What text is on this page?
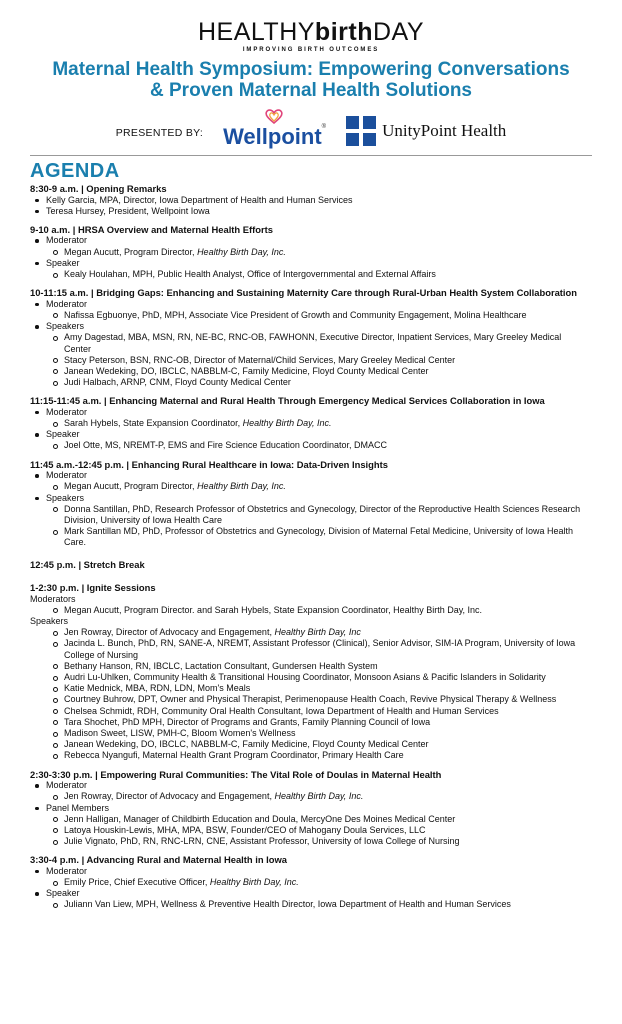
HEALTHYbirthDAY
IMPROVING BIRTH OUTCOMES
Maternal Health Symposium: Empowering Conversations
& Proven Maternal Health Solutions
PRESENTED BY: Wellpoint®	UnityPoint Health
AGENDA
8:30-9 a.m. | Opening Remarks
Kelly Garcia, MPA, Director, Iowa Department of Health and Human Services
Teresa Hursey, President, Wellpoint Iowa
9-10 a.m. | HRSA Overview and Maternal Health Efforts
Moderator
Megan Aucutt, Program Director, Healthy Birth Day, Inc.
Speaker
Kealy Houlahan, MPH, Public Health Analyst, Office of Intergovernmental and External Affairs
10-11:15 a.m. | Bridging Gaps: Enhancing and Sustaining Maternity Care through Rural-Urban Health System Collaboration
Moderator
Nafissa Egbuonye, PhD, MPH, Associate Vice President of Growth and Community Engagement, Molina Healthcare
Speakers
Amy Dagestad, MBA, MSN, RN, NE-BC, RNC-OB, FAWHONN, Executive Director, Inpatient Services, Mary Greeley Medical Center
Stacy Peterson, BSN, RNC-OB, Director of Maternal/Child Services, Mary Greeley Medical Center
Janean Wedeking, DO, IBCLC, NABBLM-C, Family Medicine, Floyd County Medical Center
Judi Halbach, ARNP, CNM, Floyd County Medical Center
11:15-11:45 a.m. | Enhancing Maternal and Rural Health Through Emergency Medical Services Collaboration in Iowa
Moderator
Sarah Hybels, State Expansion Coordinator, Healthy Birth Day, Inc.
Speaker
Joel Otte, MS, NREMT-P, EMS and Fire Science Education Coordinator, DMACC
11:45 a.m.-12:45 p.m. | Enhancing Rural Healthcare in Iowa: Data-Driven Insights
Moderator
Megan Aucutt, Program Director, Healthy Birth Day, Inc.
Speakers
Donna Santillan, PhD, Research Professor of Obstetrics and Gynecology, Director of the Reproductive Health Sciences Research Division, University of Iowa Health Care
Mark Santillan MD, PhD, Professor of Obstetrics and Gynecology, Division of Maternal Fetal Medicine, University of Iowa Health Care.
12:45 p.m. | Stretch Break
1-2:30 p.m. | Ignite Sessions
Moderators
Megan Aucutt, Program Director. and Sarah Hybels, State Expansion Coordinator, Healthy Birth Day, Inc.
Speakers
Jen Rowray, Director of Advocacy and Engagement, Healthy Birth Day, Inc
Jacinda L. Bunch, PhD, RN, SANE-A, NREMT, Assistant Professor (Clinical), Senior Advisor, SIM-IA Program, University of Iowa College of Nursing
Bethany Hanson, RN, IBCLC, Lactation Consultant, Gundersen Health System
Audri Lu-Uhlken, Community Health & Transitional Housing Coordinator, Monsoon Asians & Pacific Islanders in Solidarity
Katie Mednick, MBA, RDN, LDN, Mom's Meals
Courtney Buhrow, DPT, Owner and Physical Therapist, Perimenopause Health Coach, Revive Physical Therapy & Wellness
Chelsea Schmidt, RDH, Community Oral Health Consultant, Iowa Department of Health and Human Services
Tara Shochet, PhD MPH, Director of Programs and Grants, Family Planning Council of Iowa
Madison Sweet, LISW, PMH-C, Bloom Women's Wellness
Janean Wedeking, DO, IBCLC, NABBLM-C, Family Medicine, Floyd County Medical Center
Rebecca Nyangufi, Maternal Health Grant Program Coordinator, Primary Health Care
2:30-3:30 p.m. | Empowering Rural Communities: The Vital Role of Doulas in Maternal Health
Moderator
Jen Rowray, Director of Advocacy and Engagement, Healthy Birth Day, Inc.
Panel Members
Jenn Halligan, Manager of Childbirth Education and Doula, MercyOne Des Moines Medical Center
Latoya Houskin-Lewis, MHA, MPA, BSW, Founder/CEO of Mahogany Doula Services, LLC
Julie Vignato, PhD, RN, RNC-LRN, CNE, Assistant Professor, University of Iowa College of Nursing
3:30-4 p.m. | Advancing Rural and Maternal Health in Iowa
Moderator
Emily Price, Chief Executive Officer, Healthy Birth Day, Inc.
Speaker
Juliann Van Liew, MPH, Wellness & Preventive Health Director, Iowa Department of Health and Human Services
